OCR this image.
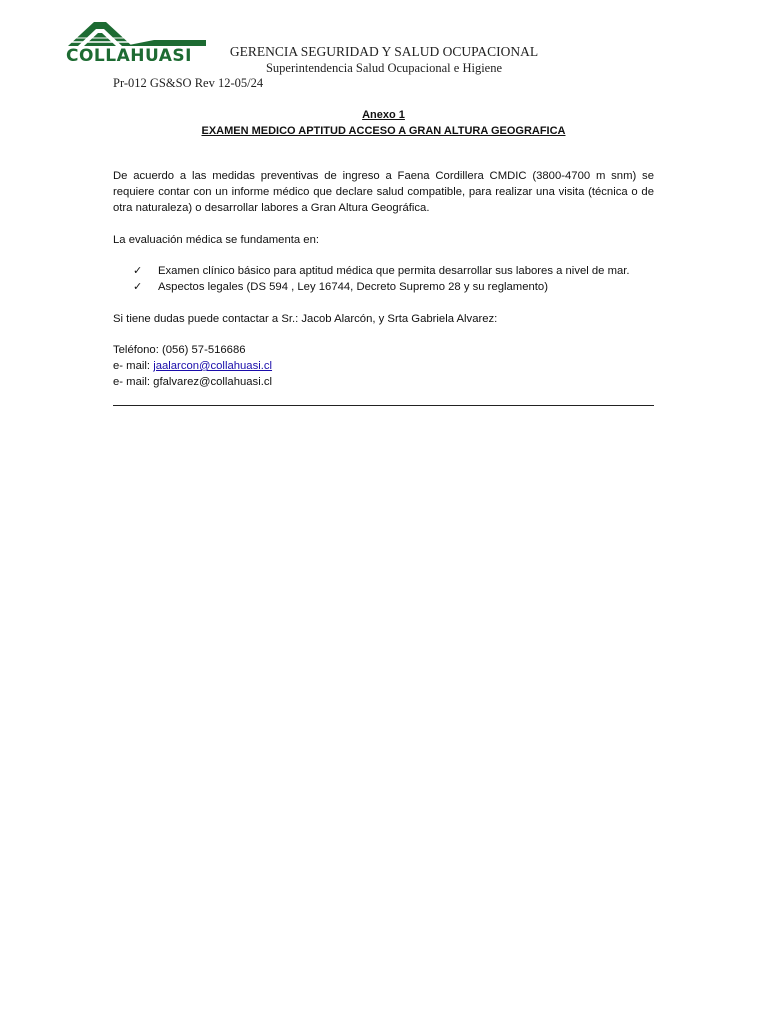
COLLAHUASI	GERENCIA SEGURIDAD Y SALUD OCUPACIONAL
Superintendencia Salud Ocupacional e Higiene
Pr-012 GS&SO Rev 12-05/24
Anexo 1
EXAMEN MEDICO APTITUD ACCESO A GRAN ALTURA GEOGRAFICA
De acuerdo a las medidas preventivas de ingreso a Faena Cordillera CMDIC (3800-4700 m snm) se requiere contar con un informe médico que declare salud compatible, para realizar una visita (técnica o de otra naturaleza) o desarrollar labores a Gran Altura Geográfica.
La evaluación médica se fundamenta en:
✓ Examen clínico básico para aptitud médica que permita desarrollar sus labores a nivel de mar.
✓ Aspectos legales (DS 594 , Ley 16744, Decreto Supremo 28 y su reglamento)
Si tiene dudas puede contactar a Sr.: Jacob Alarcón, y Srta Gabriela Alvarez:
Teléfono: (056) 57-516686
e- mail: jaalarcon@collahuasi.cl
e- mail: gfalvarez@collahuasi.cl
